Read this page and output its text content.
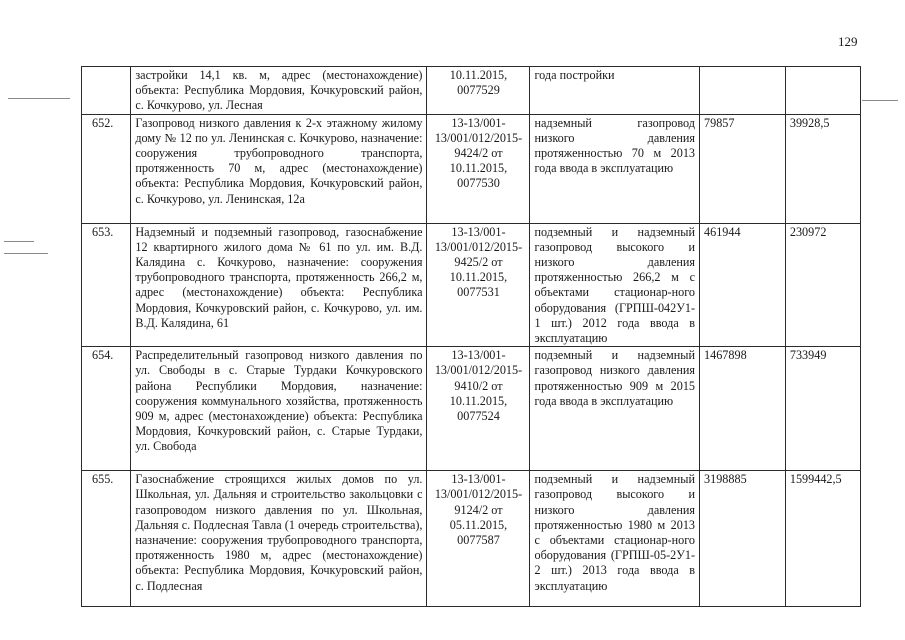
129
	застройки 14,1 кв. м, адрес (местонахождение) объекта: Республика Мордовия, Кочкуровский район, с. Кочкурово, ул. Лесная	10.11.2015, 0077529	года постройки		
652.	Газопровод низкого давления к 2-х этажному жилому дому № 12 по ул. Ленинская с. Кочкурово, назначение: сооружения трубопроводного транспорта, протяженность 70 м, адрес (местонахождение) объекта: Республика Мордовия, Кочкуровский район, с. Кочкурово, ул. Ленинская, 12а	13-13/001-13/001/012/2015-9424/2 от 10.11.2015, 0077530	надземный газопровод низкого давления протяженностью 70 м 2013 года ввода в эксплуатацию	79857	39928,5
653.	Надземный и подземный газопровод, газоснабжение 12 квартирного жилого дома № 61 по ул. им. В.Д. Калядина с. Кочкурово, назначение: сооружения трубопроводного транспорта, протяженность 266,2 м, адрес (местонахождение) объекта: Республика Мордовия, Кочкуровский район, с. Кочкурово, ул. им. В.Д. Калядина, 61	13-13/001-13/001/012/2015-9425/2 от 10.11.2015, 0077531	подземный и надземный газопровод высокого и низкого давления протяженностью 266,2 м с объектами стационар-ного оборудования (ГРПШ-042У1-1 шт.) 2012 года ввода в эксплуатацию	461944	230972
654.	Распределительный газопровод низкого давления по ул. Свободы в с. Старые Турдаки Кочкуровского района Республики Мордовия, назначение: сооружения коммунального хозяйства, протяженность 909 м, адрес (местонахождение) объекта: Республика Мордовия, Кочкуровский район, с. Старые Турдаки, ул. Свобода	13-13/001-13/001/012/2015-9410/2 от 10.11.2015, 0077524	подземный и надземный газопровод низкого давления протяженностью 909 м 2015 года ввода в эксплуатацию	1467898	733949
655.	Газоснабжение строящихся жилых домов по ул. Школьная, ул. Дальняя и строительство закольцовки с газопроводом низкого давления по ул. Школьная, Дальняя с. Подлесная Тавла (1 очередь строительства), назначение: сооружения трубопроводного транспорта, протяженность 1980 м, адрес (местонахождение) объекта: Республика Мордовия, Кочкуровский район, с. Подлесная	13-13/001-13/001/012/2015-9124/2 от 05.11.2015, 0077587	подземный и надземный газопровод высокого и низкого давления протяженностью 1980 м 2013 с объектами стационар-ного оборудования (ГРПШ-05-2У1-2 шт.) 2013 года ввода в эксплуатацию	3198885	1599442,5
